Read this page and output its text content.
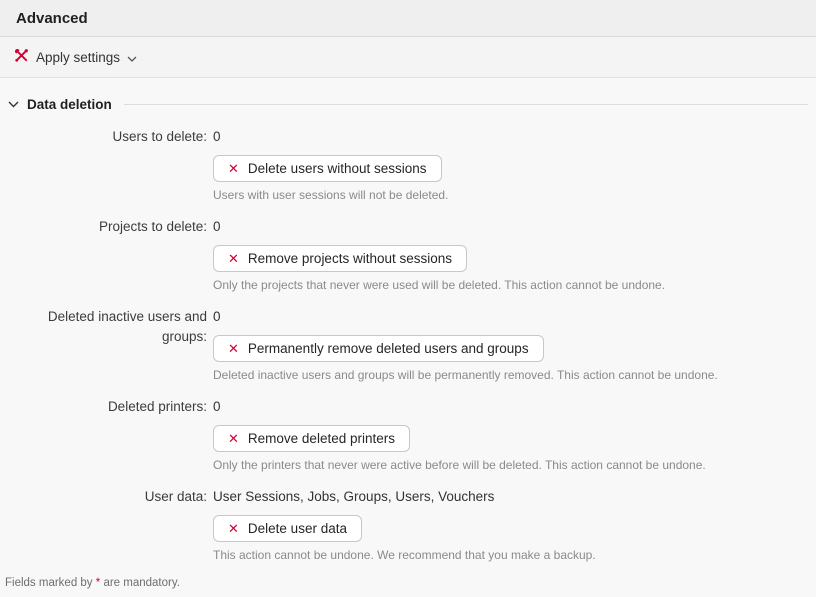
Advanced
Apply settings
Data deletion
Users to delete: 0
✕ Delete users without sessions
Users with user sessions will not be deleted.
Projects to delete: 0
✕ Remove projects without sessions
Only the projects that never were used will be deleted. This action cannot be undone.
Deleted inactive users and groups:
0
✕ Permanently remove deleted users and groups
Deleted inactive users and groups will be permanently removed. This action cannot be undone.
Deleted printers: 0
✕ Remove deleted printers
Only the printers that never were active before will be deleted. This action cannot be undone.
User data: User Sessions, Jobs, Groups, Users, Vouchers
✕ Delete user data
This action cannot be undone. We recommend that you make a backup.
Fields marked by * are mandatory.
